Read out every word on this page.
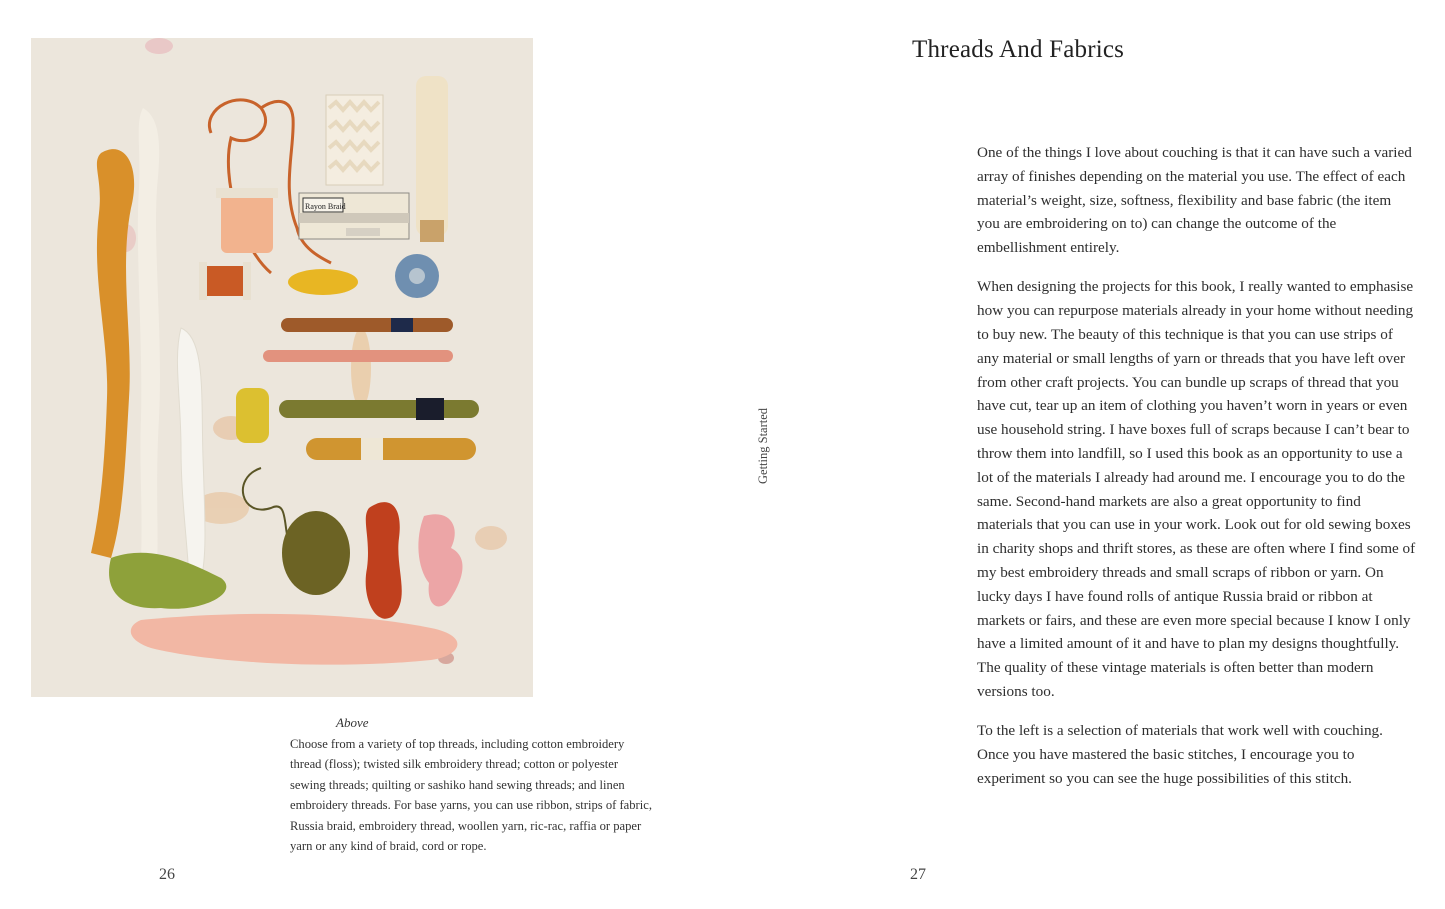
Rayon Braid
Above

Choose from a variety of top threads, including cotton embroidery thread (floss); twisted silk embroidery thread; cotton or polyester sewing threads; quilting or sashiko hand sewing threads; and linen embroidery threads. For base yarns, you can use ribbon, strips of fabric, Russia braid, embroidery thread, woollen yarn, ric-rac, raffia or paper yarn or any kind of braid, cord or rope.

26
Getting Started
Threads And Fabrics

One of the things I love about couching is that it can have such a varied array of finishes depending on the material you use. The effect of each material’s weight, size, softness, flexibility and base fabric (the item you are embroidering on to) can change the outcome of the embellishment entirely.

When designing the projects for this book, I really wanted to emphasise how you can repurpose materials already in your home without needing to buy new. The beauty of this technique is that you can use strips of any material or small lengths of yarn or threads that you have left over from other craft projects. You can bundle up scraps of thread that you have cut, tear up an item of clothing you haven’t worn in years or even use household string. I have boxes full of scraps because I can’t bear to throw them into landfill, so I used this book as an opportunity to use a lot of the materials I already had around me. I encourage you to do the same. Second-hand markets are also a great opportunity to find materials that you can use in your work. Look out for old sewing boxes in charity shops and thrift stores, as these are often where I find some of my best embroidery threads and small scraps of ribbon or yarn. On lucky days I have found rolls of antique Russia braid or ribbon at markets or fairs, and these are even more special because I know I only have a limited amount of it and have to plan my designs thoughtfully. The quality of these vintage materials is often better than modern versions too.

To the left is a selection of materials that work well with couching. Once you have mastered the basic stitches, I encourage you to experiment so you can see the huge possibilities of this stitch.

27
